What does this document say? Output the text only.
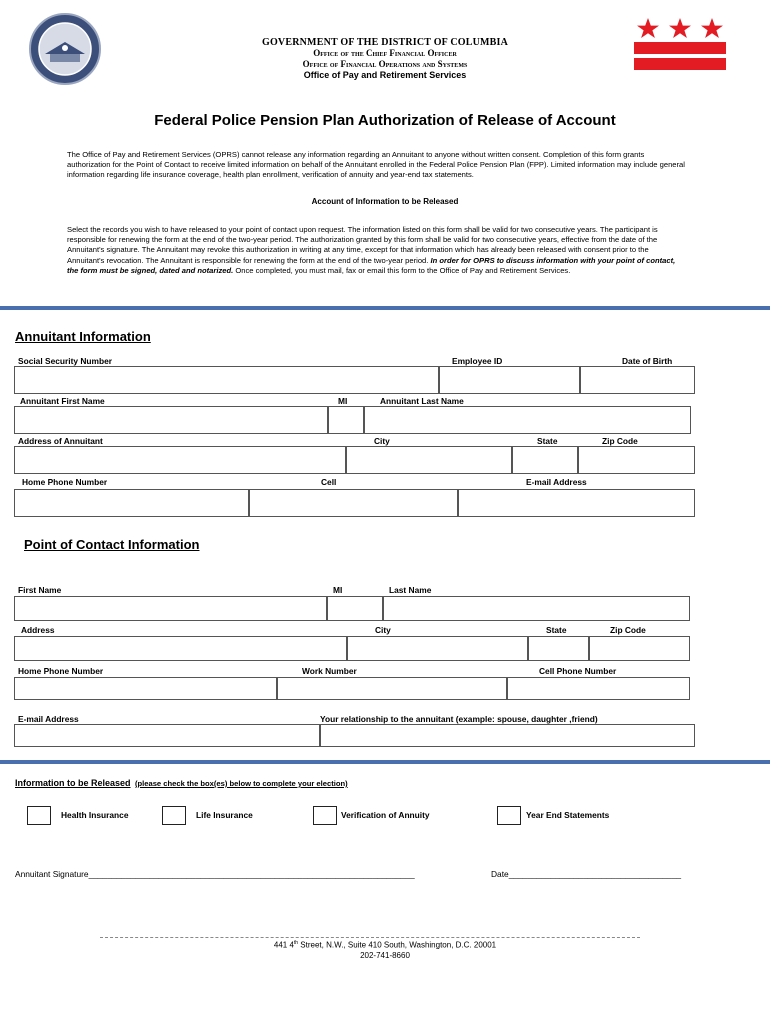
GOVERNMENT OF THE DISTRICT OF COLUMBIA
Office of the Chief Financial Officer
Office of Financial Operations and Systems
Office of Pay and Retirement Services
Federal Police Pension Plan Authorization of Release of Account
The Office of Pay and Retirement Services (OPRS) cannot release any information regarding an Annuitant to anyone without written consent. Completion of this form grants authorization for the Point of Contact to receive limited information on behalf of the Annuitant enrolled in the Federal Police Pension Plan (FPP). Limited information may include general information regarding life insurance coverage, health plan enrollment, verification of annuity and year-end tax statements.
Account of Information to be Released
Select the records you wish to have released to your point of contact upon request. The information listed on this form shall be valid for two consecutive years. The participant is responsible for renewing the form at the end of the two-year period. The authorization granted by this form shall be valid for two consecutive years, effective from the date of the Annuitant's signature. The Annuitant may revoke this authorization in writing at any time, except for that information which has already been released with consent prior to the Annuitant's revocation. The Annuitant is responsible for renewing the form at the end of the two-year period. In order for OPRS to discuss information with your point of contact, the form must be signed, dated and notarized. Once completed, you must mail, fax or email this form to the Office of Pay and Retirement Services.
Annuitant Information
Social Security Number	Employee ID	Date of Birth
Annuitant First Name	MI	Annuitant Last Name
Address of Annuitant	City	State	Zip Code
Home Phone Number	Cell	E-mail Address
Point of Contact Information
First Name	MI	Last Name
Address	City	State	Zip Code
Home Phone Number	Work Number	Cell Phone Number
E-mail Address	Your relationship to the annuitant (example: spouse, daughter ,friend)
Information to be Released (please check the box(es) below to complete your election)
Health Insurance	Life Insurance	Verification of Annuity	Year End Statements
Annuitant Signature______________________________________________________________________	Date_____________________________________
441 4th Street, N.W., Suite 410 South, Washington, D.C. 20001
202-741-8660
